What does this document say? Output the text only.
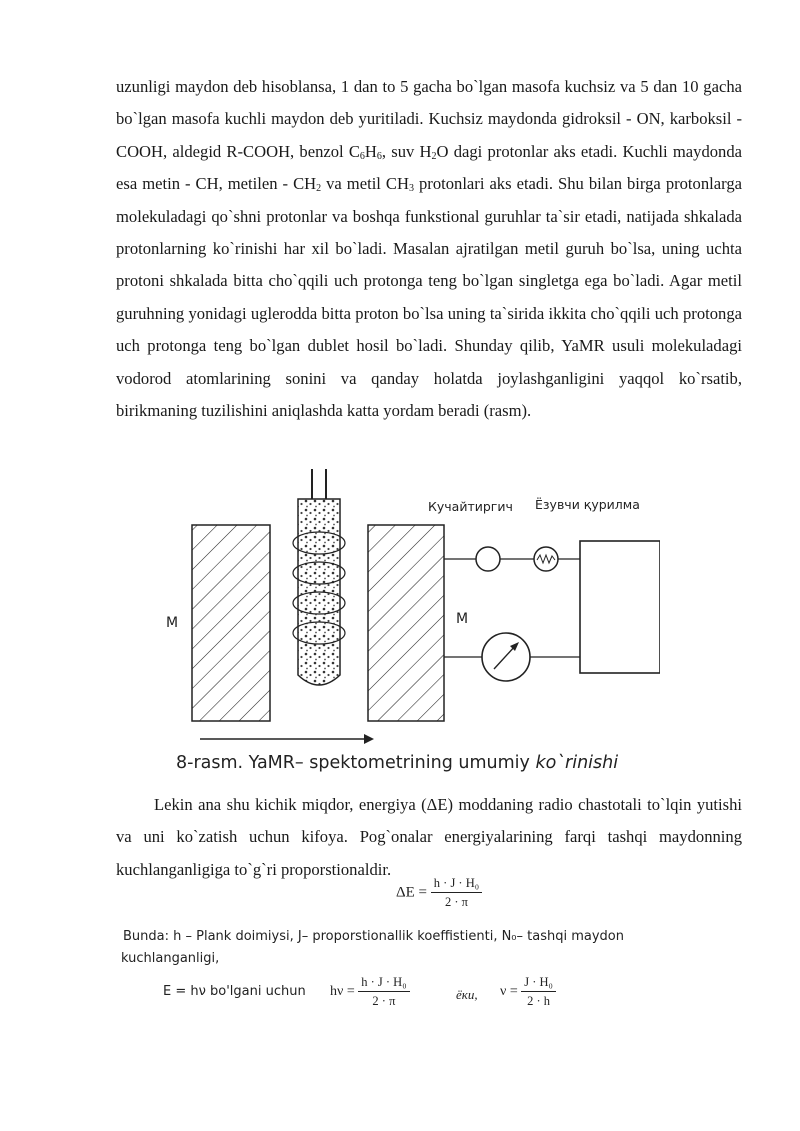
uzunligi maydon deb hisoblansa, 1 dan to 5 gacha bo`lgan masofa kuchsiz va 5 dan 10 gacha bo`lgan masofa kuchli maydon deb yuritiladi. Kuchsiz maydonda gidroksil - ON, karboksil - COOH, aldegid R-COOH, benzol $C_6H_6$, suv $H_2O$ dagi protonlar aks etadi. Kuchli maydonda esa metin - CH, metilen - $CH_2$ va metil $CH_3$ protonlari aks etadi. Shu bilan birga protonlarga molekuladagi qo`shni protonlar va boshqa funkstional guruhlar ta`sir etadi, natijada shkalada protonlarning ko`rinishi har xil bo`ladi. Masalan ajratilgan metil guruh bo`lsa, uning uchta protoni shkalada bitta cho`qqili uch protonga teng bo`lgan singletga ega bo`ladi. Agar metil guruhning yonidagi uglerodda bitta proton bo`lsa uning ta`sirida ikkita cho`qqili uch protonga uch protonga teng bo`lgan dublet hosil bo`ladi. Shunday qilib, YaMR usuli molekuladagi vodorod atomlarining sonini va qanday holatda joylashganligini yaqqol ko`rsatib, birikmaning tuzilishini aniqlashda katta yordam beradi (rasm).

M	M
Кучайтиргич Ёзувчи қурилма
8-rasm. YaMR– spektometrining umumiy ko`rinishi

Lekin ana shu kichik miqdor, energiya (ΔE) moddaning radio chastotali to`lqin yutishi va uni ko`zatish uchun kifoya. Pog`onalar energiyalarining farqi tashqi maydonning kuchlanganligiga to`g`ri proporstionaldir.

$\Delta E = \frac{\text{h · J · H₀}}{2 \cdot \pi}$
Bunda: h – Plank doimiysi, J– proporstionallik koeffistienti, N₀– tashqi maydon
kuchlanganligi,
E = hν bo'lgani uchun $h\nu = \frac{\text{h · J · H₀}}{2 \cdot \pi}$	ёки, $\nu = \frac{\text{J · H₀}}{2 \cdot h}$
